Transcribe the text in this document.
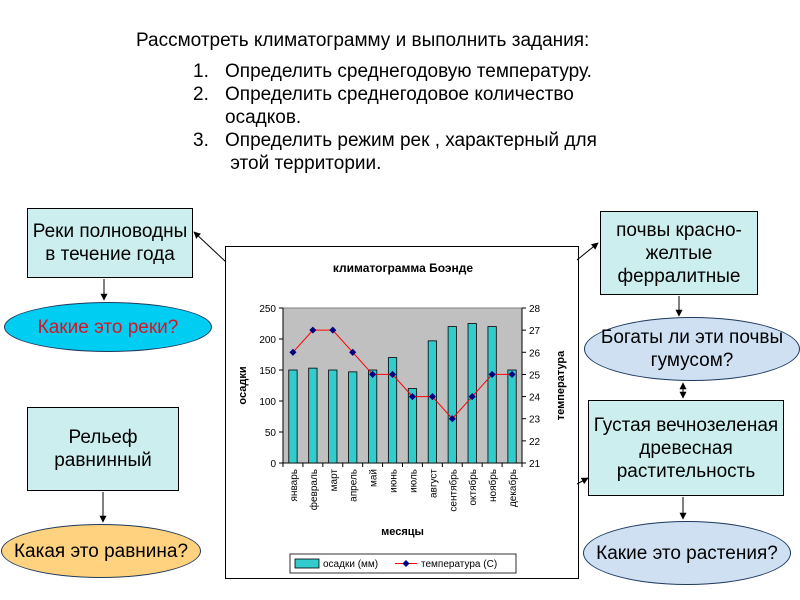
Рассмотреть климатограмму и выполнить задания:
1. Определить среднегодовую температуру.
2. Определить среднегодовое количество
осадков.
3. Определить режим рек , характерный для
этой территории.
Реки полноводны
в течение года
почвы красно-
желтые
ферралитные
Рельеф
равнинный
Густая вечнозеленая
древесная
растительность
Какие это реки?	Богаты ли эти почвы
гумусом?
Какая это равнина?	Какие это растения?
климатограмма Боэнде
0
50
100
150
200
250
21
22
23
24
25
26
27
28
январь февраль март апрель май июнь июль август сентябрь октябрь ноябрь декабрь
осадки	температура
месяцы
осадки (мм)	температура (С)
